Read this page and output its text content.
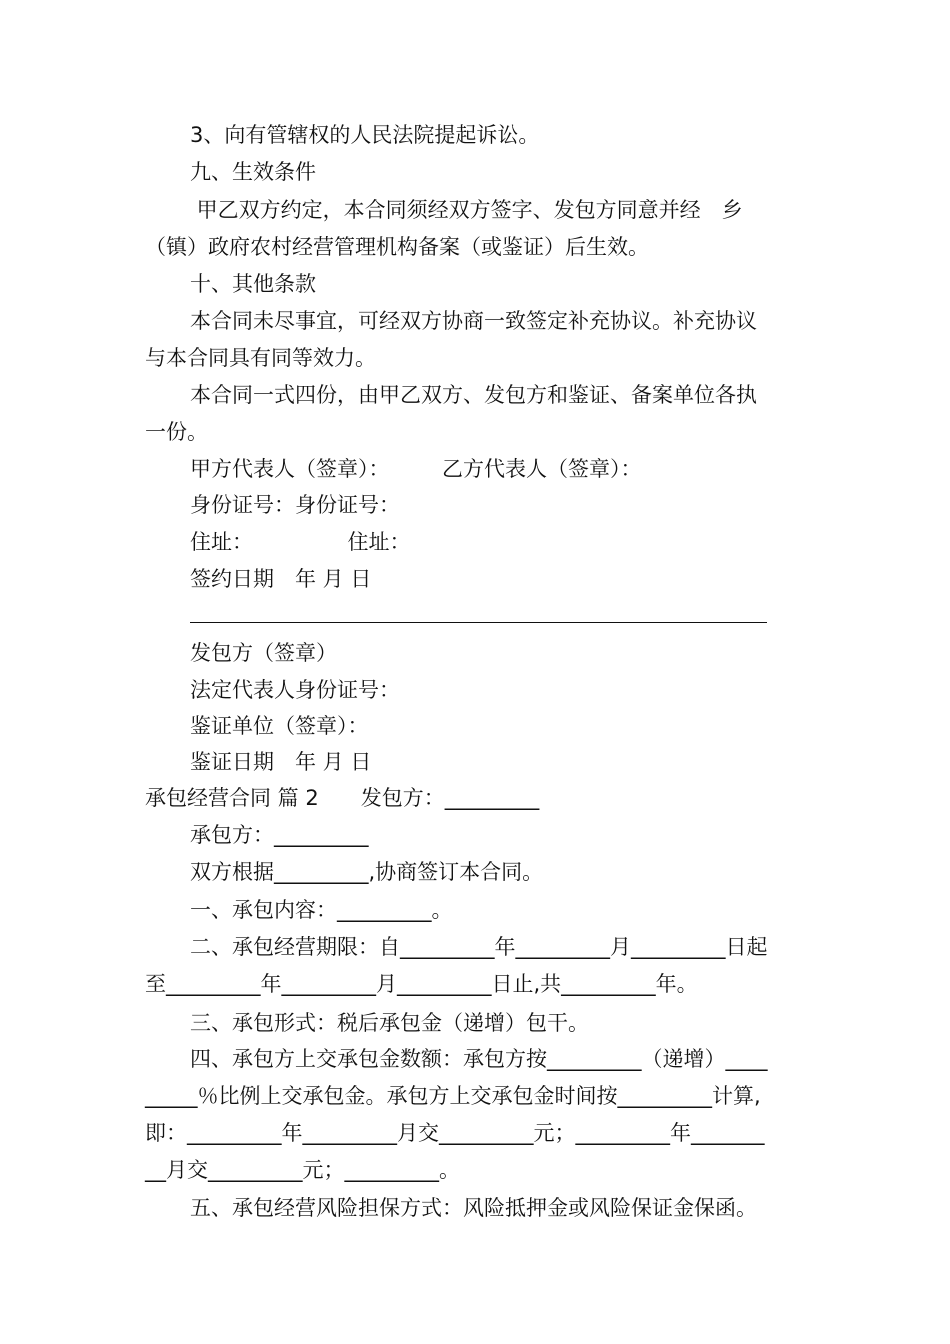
3、向有管辖权的人民法院提起诉讼。
九、生效条件
甲乙双方约定，本合同须经双方签字、发包方同意并经　乡
（镇）政府农村经营管理机构备案（或鉴证）后生效。
十、其他条款
本合同未尽事宜，可经双方协商一致签定补充协议。补充协议
与本合同具有同等效力。
本合同一式四份，由甲乙双方、发包方和鉴证、备案单位各执
一份。
甲方代表人（签章）：　　　乙方代表人（签章）：
身份证号：身份证号：
住址：　　　　　住址：
签约日期　年 月 日
发包方（签章）
法定代表人身份证号：
鉴证单位（签章）：
鉴证日期　年 月 日
承包经营合同 篇 2　　发包方：_________
承包方：_________
双方根据_________,协商签订本合同。
一、承包内容：_________。
二、承包经营期限：自_________年_________月_________日起
至_________年_________月_________日止,共_________年。
三、承包形式：税后承包金（递增）包干。
四、承包方上交承包金数额：承包方按_________（递增）____
_____％比例上交承包金。承包方上交承包金时间按_________计算,
即：_________年_________月交_________元；_________年_______
__月交_________元；_________。
五、承包经营风险担保方式：风险抵押金或风险保证金保函。
